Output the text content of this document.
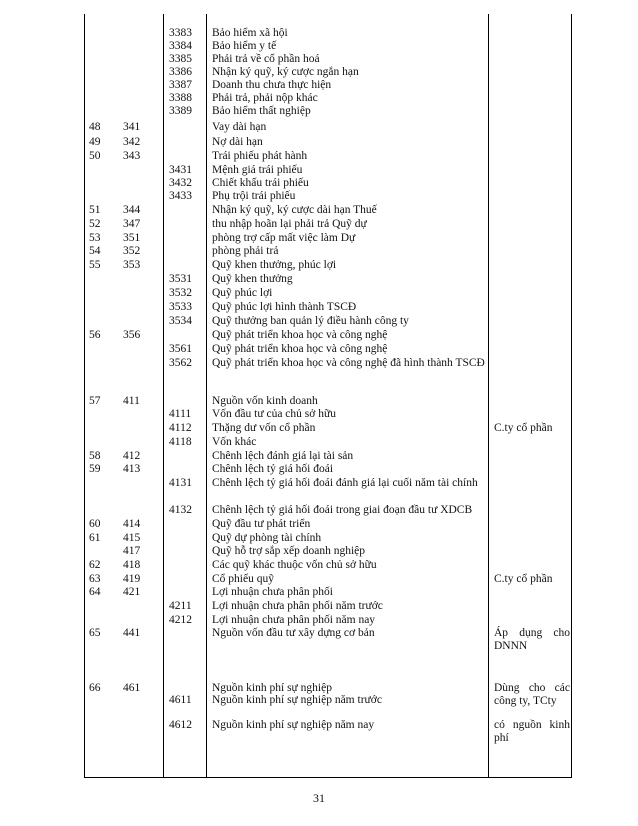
3383 Bảo hiểm xã hội
3384 Bảo hiểm y tế
3385 Phải trả về cổ phần hoá
3386 Nhận ký quỹ, ký cược ngắn hạn
3387 Doanh thu chưa thực hiện
3388 Phải trả, phải nộp khác
3389 Bảo hiểm thất nghiệp
48 341	Vay dài hạn
49 342	Nợ dài hạn
50 343	Trái phiếu phát hành
3431 Mệnh giá trái phiếu
3432 Chiết khấu trái phiếu
3433 Phụ trội trái phiếu
51 344	Nhận ký quỹ, ký cược dài hạn Thuế
52 347	thu nhập hoãn lại phải trả Quỹ dự
53 351	phòng trợ cấp mất việc làm Dự
54 352	phòng phải trả
55 353	Quỹ khen thưởng, phúc lợi
3531 Quỹ khen thưởng
3532 Quỹ phúc lợi
3533 Quỹ phúc lợi hình thành TSCĐ
3534 Quỹ thưởng ban quản lý điều hành công ty
56 356	Quỹ phát triển khoa học và công nghệ
3561 Quỹ phát triển khoa học và công nghệ
3562 Quỹ phát triển khoa học và công nghệ đã hình thành TSCĐ
57 411	Nguồn vốn kinh doanh
4111 Vốn đầu tư của chủ sở hữu
4112 Thặng dư vốn cổ phần	C.ty cổ phần
4118 Vốn khác
58 412	Chênh lệch đánh giá lại tài sản
59 413	Chênh lệch tỷ giá hối đoái
4131 Chênh lệch tỷ giá hối đoái đánh giá lại cuối năm tài chính
4132 Chênh lệch tỷ giá hối đoái trong giai đoạn đầu tư XDCB
60 414	Quỹ đầu tư phát triển
61 415	Quỹ dự phòng tài chính
417	Quỹ hỗ trợ sắp xếp doanh nghiệp
62 418	Các quỹ khác thuộc vốn chủ sở hữu
63 419	Cổ phiếu quỹ	C.ty cổ phần
64 421	Lợi nhuận chưa phân phối
4211 Lợi nhuận chưa phân phối năm trước
4212 Lợi nhuận chưa phân phối năm nay
65 441	Nguồn vốn đầu tư xây dựng cơ bản	Áp dụng cho DNNN
66 461	Nguồn kinh phí sự nghiệp	Dùng cho các công ty, TCty
4611 Nguồn kinh phí sự nghiệp năm trước
4612 Nguồn kinh phí sự nghiệp năm nay	có nguồn kinh phí
31
